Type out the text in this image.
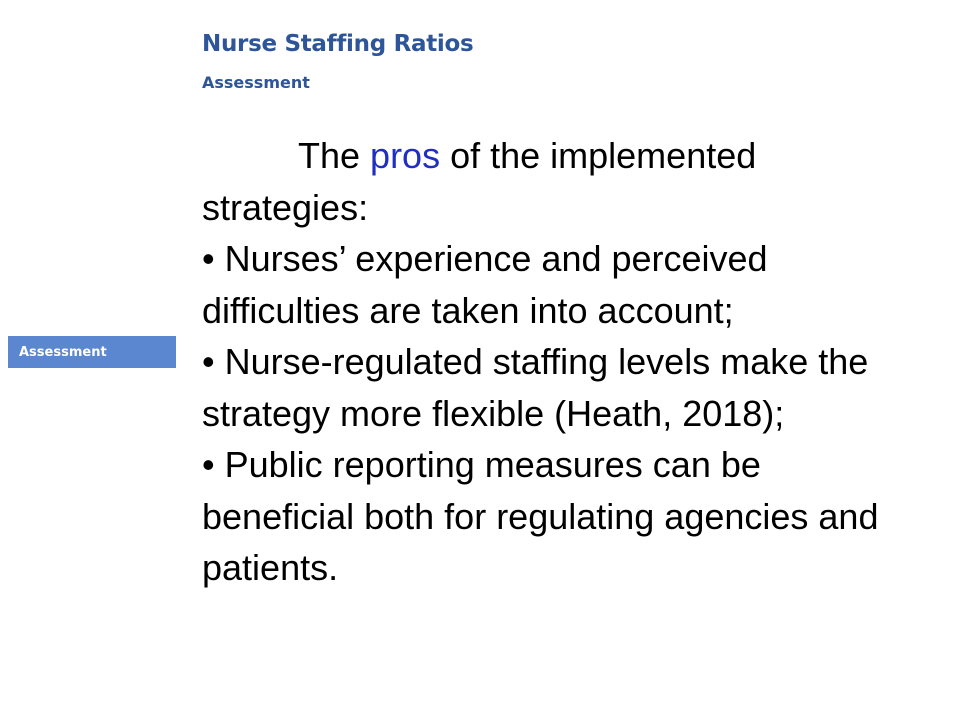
Nurse Staffing Ratios
Assessment
Assessment

The pros of the implemented strategies:

• Nurses’ experience and perceived difficulties are taken into account;

• Nurse-regulated staffing levels make the strategy more flexible (Heath, 2018);

• Public reporting measures can be beneficial both for regulating agencies and patients.
